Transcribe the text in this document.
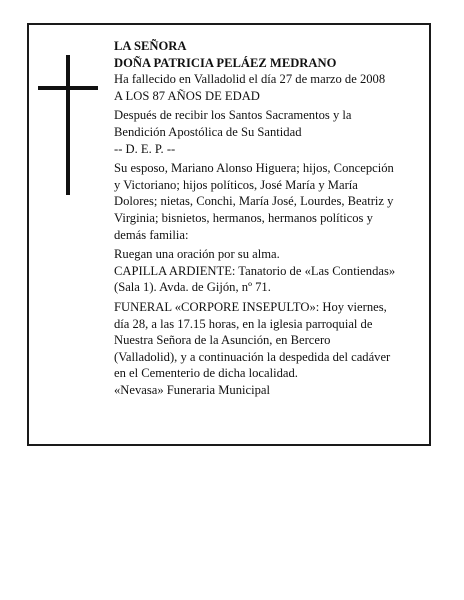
LA SEÑORA

DOÑA PATRICIA PELÁEZ MEDRANO

Ha fallecido en Valladolid el día 27 de marzo de 2008

A LOS 87 AÑOS DE EDAD

Después de recibir los Santos Sacramentos y la

Bendición Apostólica de Su Santidad

-- D. E. P. --

Su esposo, Mariano Alonso Higuera; hijos, Concepción

y Victoriano; hijos políticos, José María y María

Dolores; nietas, Conchi, María José, Lourdes, Beatriz y

Virginia; bisnietos, hermanos, hermanos políticos y

demás familia:

Ruegan una oración por su alma.

CAPILLA ARDIENTE: Tanatorio de «Las Contiendas»

(Sala 1). Avda. de Gijón, nº 71.

FUNERAL «CORPORE INSEPULTO»: Hoy viernes,

día 28, a las 17.15 horas, en la iglesia parroquial de

Nuestra Señora de la Asunción, en Bercero

(Valladolid), y a continuación la despedida del cadáver

en el Cementerio de dicha localidad.

«Nevasa» Funeraria Municipal
